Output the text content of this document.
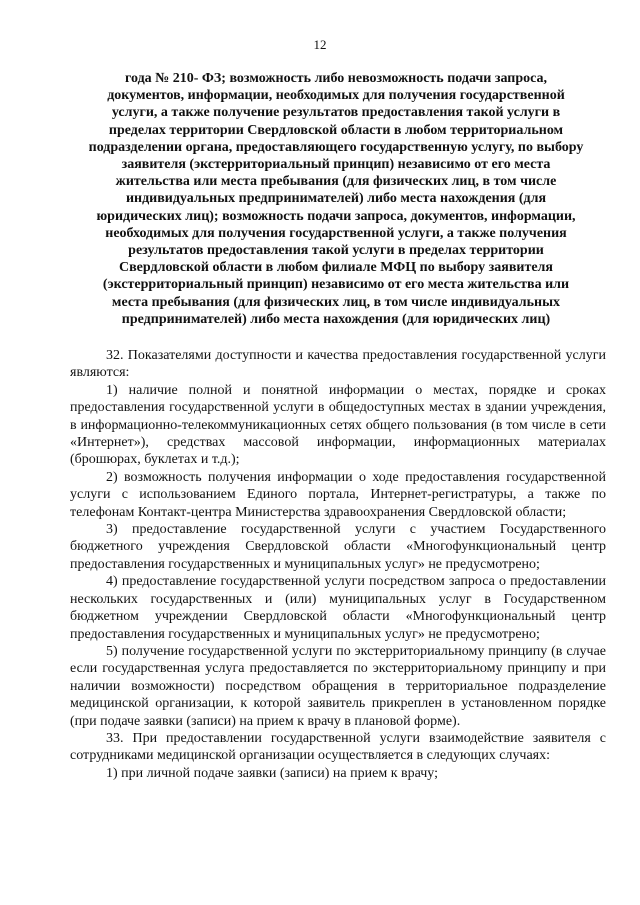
12

года № 210- ФЗ; возможность либо невозможность подачи запроса, документов, информации, необходимых для получения государственной услуги, а также получение результатов предоставления такой услуги в пределах территории Свердловской области в любом территориальном подразделении органа, предоставляющего государственную услугу, по выбору заявителя (экстерриториальный принцип) независимо от его места жительства или места пребывания (для физических лиц, в том числе индивидуальных предпринимателей) либо места нахождения (для юридических лиц); возможность подачи запроса, документов, информации, необходимых для получения государственной услуги, а также получения результатов предоставления такой услуги в пределах территории Свердловской области в любом филиале МФЦ по выбору заявителя (экстерриториальный принцип) независимо от его места жительства или места пребывания (для физических лиц, в том числе индивидуальных предпринимателей) либо места нахождения (для юридических лиц)

32. Показателями доступности и качества предоставления государственной услуги являются:

1) наличие полной и понятной информации о местах, порядке и сроках предоставления государственной услуги в общедоступных местах в здании учреждения, в информационно-телекоммуникационных сетях общего пользования (в том числе в сети «Интернет»), средствах массовой информации, информационных материалах (брошюрах, буклетах и т.д.);

2) возможность получения информации о ходе предоставления государственной услуги с использованием Единого портала, Интернет-регистратуры, а также по телефонам Контакт-центра Министерства здравоохранения Свердловской области;

3) предоставление государственной услуги с участием Государственного бюджетного учреждения Свердловской области «Многофункциональный центр предоставления государственных и муниципальных услуг» не предусмотрено;

4) предоставление государственной услуги посредством запроса о предоставлении нескольких государственных и (или) муниципальных услуг в Государственном бюджетном учреждении Свердловской области «Многофункциональный центр предоставления государственных и муниципальных услуг» не предусмотрено;

5) получение государственной услуги по экстерриториальному принципу (в случае если государственная услуга предоставляется по экстерриториальному принципу и при наличии возможности) посредством обращения в территориальное подразделение медицинской организации, к которой заявитель прикреплен в установленном порядке (при подаче заявки (записи) на прием к врачу в плановой форме).

33. При предоставлении государственной услуги взаимодействие заявителя с сотрудниками медицинской организации осуществляется в следующих случаях:

1) при личной подаче заявки (записи) на прием к врачу;
